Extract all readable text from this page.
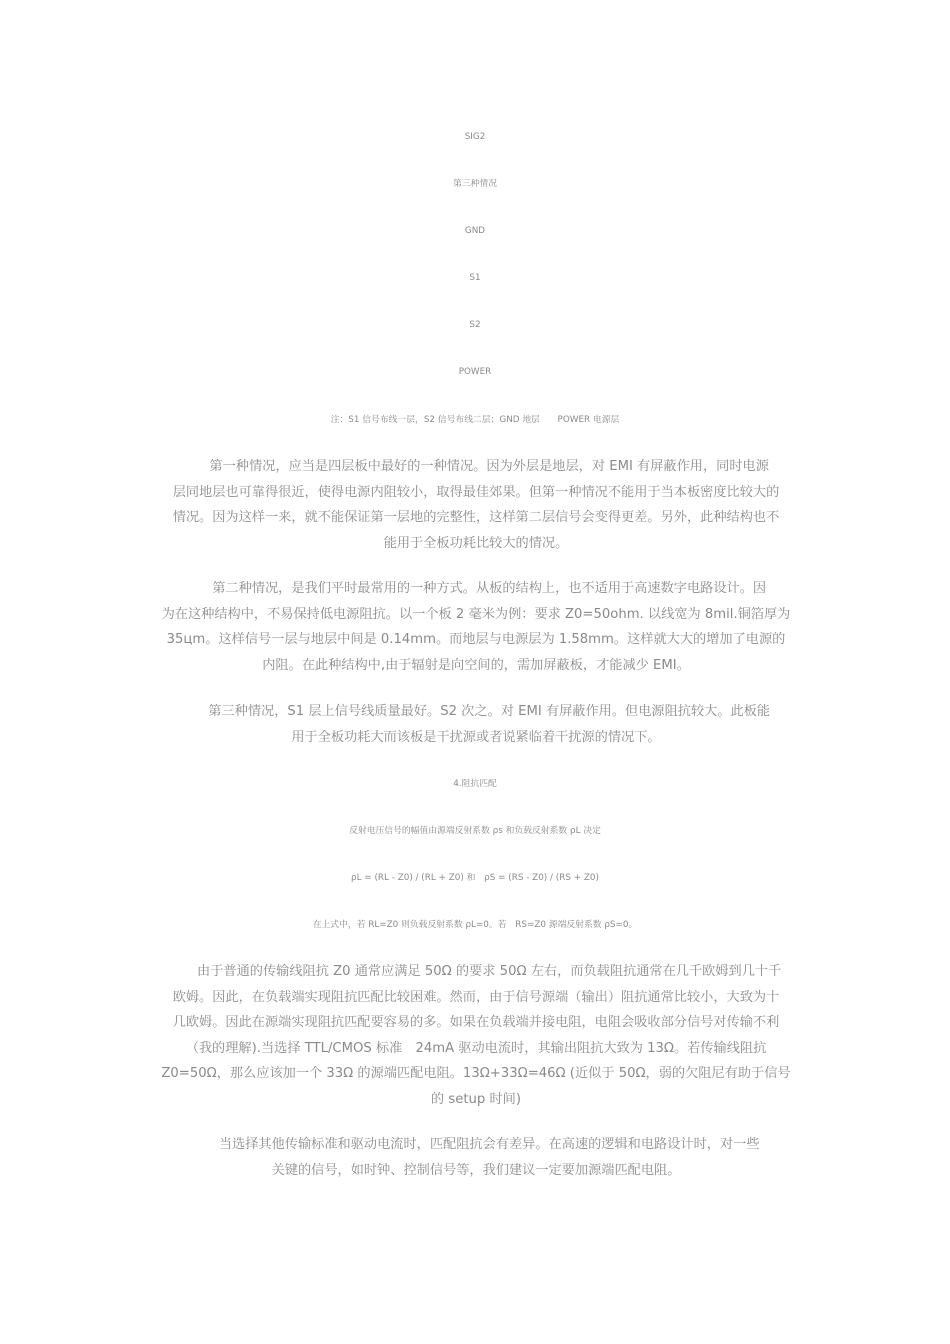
SIG2
第三种情况
GND
S1
S2
POWER
注：S1 信号布线一层，S2 信号布线二层；GND 地层　　POWER 电源层
　　第一种情况，应当是四层板中最好的一种情况。因为外层是地层，对 EMI 有屏蔽作用，同时电源
层同地层也可靠得很近，使得电源内阻较小，取得最佳郊果。但第一种情况不能用于当本板密度比较大的
情况。因为这样一来，就不能保证第一层地的完整性，这样第二层信号会变得更差。另外，此种结构也不
能用于全板功耗比较大的情况。
　　第二种情况，是我们平时最常用的一种方式。从板的结构上，也不适用于高速数字电路设计。因
为在这种结构中，不易保持低电源阻抗。以一个板 2 毫米为例：要求 Z0=50ohm. 以线宽为 8mil.铜箔厚为
35цm。这样信号一层与地层中间是 0.14mm。而地层与电源层为 1.58mm。这样就大大的增加了电源的
内阻。在此种结构中,由于辐射是向空间的，需加屏蔽板，才能减少 EMI。
　　第三种情况，S1 层上信号线质量最好。S2 次之。对 EMI 有屏蔽作用。但电源阻抗较大。此板能
用于全板功耗大而该板是干扰源或者说紧临着干扰源的情况下。
4.阻抗匹配
反射电压信号的幅值由源端反射系数 ρs 和负载反射系数 ρL 决定
ρL = (RL - Z0) / (RL + Z0) 和　ρS = (RS - Z0) / (RS + Z0)
在上式中，若 RL=Z0 则负载反射系数 ρL=0。若　RS=Z0 源端反射系数 ρS=0。
　　由于普通的传输线阻抗 Z0 通常应满足 50Ω 的要求 50Ω 左右，而负载阻抗通常在几千欧姆到几十千
欧姆。因此，在负载端实现阻抗匹配比较困难。然而，由于信号源端（输出）阻抗通常比较小，大致为十
几欧姆。因此在源端实现阻抗匹配要容易的多。如果在负载端并接电阻，电阻会吸收部分信号对传输不利
（我的理解).当选择 TTL/CMOS 标准　24mA 驱动电流时，其输出阻抗大致为 13Ω。若传输线阻抗
Z0=50Ω，那么应该加一个 33Ω 的源端匹配电阻。13Ω+33Ω=46Ω (近似于 50Ω，弱的欠阻尼有助于信号
的 setup 时间)
　　当选择其他传输标准和驱动电流时，匹配阻抗会有差异。在高速的逻辑和电路设计时，对一些
关键的信号，如时钟、控制信号等，我们建议一定要加源端匹配电阻。
